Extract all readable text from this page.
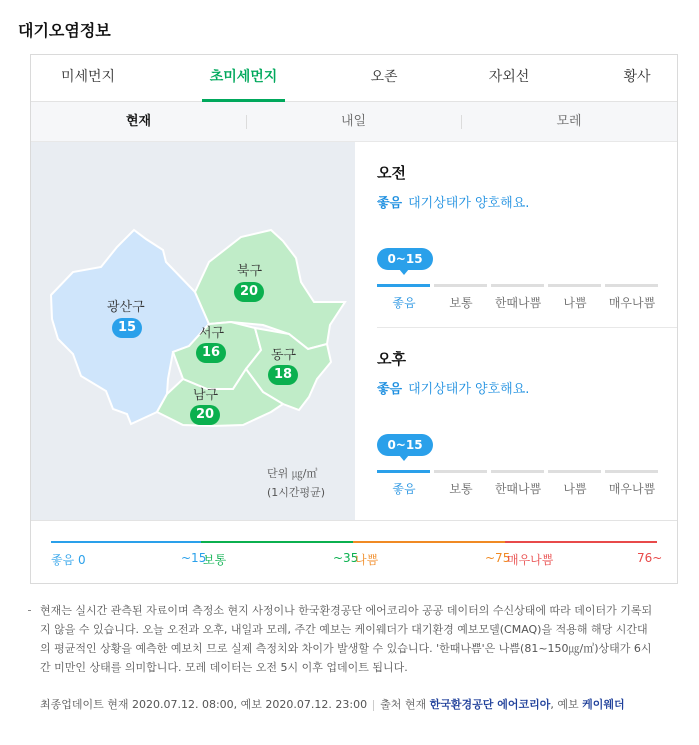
대기오염정보
미세먼지	초미세먼지	오존	자외선	황사
현재	내일	모레
광산구
15
북구
20
서구
16	동구
18
남구
20
단위 ㎍/㎥
(1시간평균)
오전
좋음 대기상태가 양호해요.
0~15
좋음	보통	한때나쁨	나쁨	매우나쁨
오후
좋음 대기상태가 양호해요.
0~15
좋음	보통	한때나쁨	나쁨	매우나쁨
좋음 0	~15
보통	~35
나쁨	~75
매우나쁨	76~
현재는 실시간 관측된 자료이며 측정소 현지 사정이나 한국환경공단 에어코리아 공공 데이터의 수신상태에 따라 데이터가 기록되지 않을 수 있습니다. 오늘 오전과 오후, 내일과 모레, 주간 예보는 케이웨더가 대기환경 예보모델(CMAQ)을 적용해 해당 시간대의 평균적인 상황을 예측한 예보치 므로 실제 측정치와 차이가 발생할 수 있습니다. '한때나쁨'은 나쁨(81~150㎍/㎥)상태가 6시간 미만인 상태를 의미합니다. 모레 데이터는 오전 5시 이후 업데이트 됩니다.
최종업데이트 현재 2020.07.12. 08:00, 예보 2020.07.12. 23:00 출처 현재 한국환경공단 에어코리아, 예보 케이웨더
